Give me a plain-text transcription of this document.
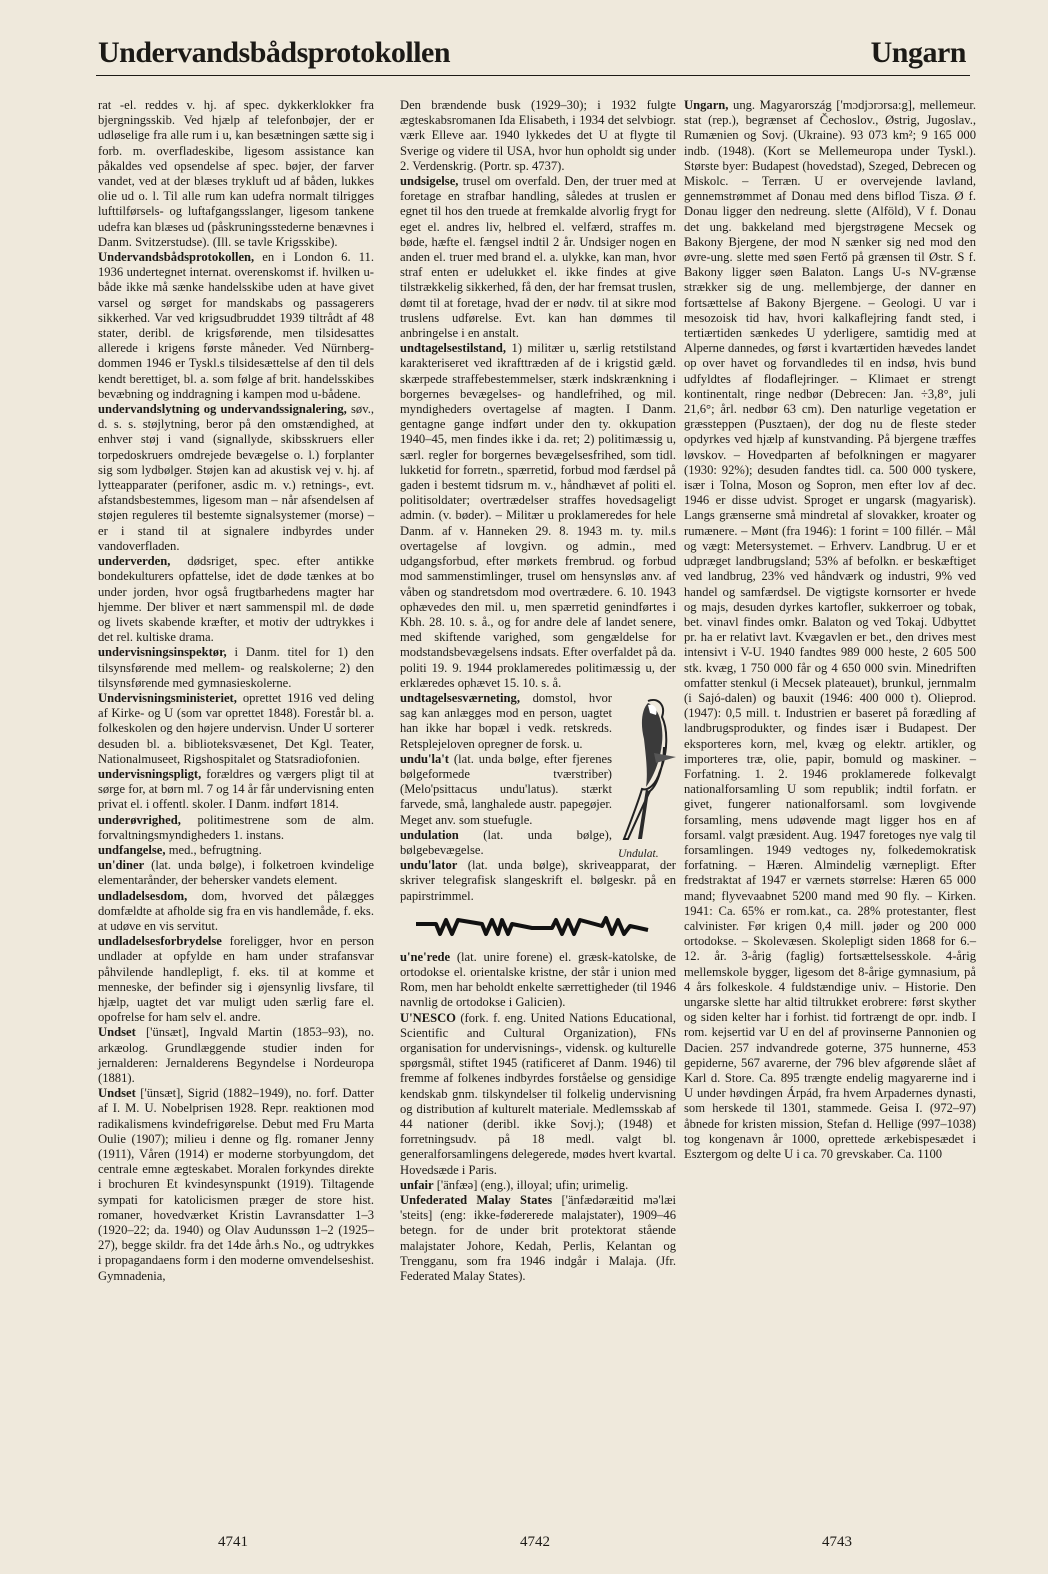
Undervandsbådsprotokollen	Ungarn

rat -el. reddes v. hj. af spec. dykkerklokker fra bjergningsskib. Ved hjælp af telefonbøjer, der er udløselige fra alle rum i u, kan besætningen sætte sig i forb. m. overfladeskibe, ligesom assistance kan påkaldes ved opsendelse af spec. bøjer, der farver vandet, ved at der blæses trykluft ud af båden, lukkes olie ud o. l. Til alle rum kan udefra normalt tilrigges lufttilførsels- og luftafgangsslanger, ligesom tankene udefra kan blæses ud (påskruningsstederne benævnes i Danm. Svitzerstudse). (Ill. se tavle Krigsskibe).

Undervandsbådsprotokollen, en i London 6. 11. 1936 undertegnet internat. overenskomst if. hvilken u-både ikke må sænke handelsskibe uden at have givet varsel og sørget for mandskabs og passagerers sikkerhed. Var ved krigsudbruddet 1939 tiltrådt af 48 stater, deribl. de krigsførende, men tilsidesattes allerede i krigens første måneder. Ved Nürnberg-dommen 1946 er Tyskl.s tilsidesættelse af den til dels kendt berettiget, bl. a. som følge af brit. handelsskibes bevæbning og inddragning i kampen mod u-bådene.

undervandslytning og undervandssignalering, søv., d. s. s. støjlytning, beror på den omstændighed, at enhver støj i vand (signallyde, skibsskruers eller torpedoskruers omdrejede bevægelse o. l.) forplanter sig som lydbølger. Støjen kan ad akustisk vej v. hj. af lytteapparater (perifoner, asdic m. v.) retnings-, evt. afstandsbestemmes, ligesom man – når afsendelsen af støjen reguleres til bestemte signalsystemer (morse) – er i stand til at signalere indbyrdes under vandoverfladen.

underverden, dødsriget, spec. efter antikke bondekulturers opfattelse, idet de døde tænkes at bo under jorden, hvor også frugtbarhedens magter har hjemme. Der bliver et nært sammenspil ml. de døde og livets skabende kræfter, et motiv der udtrykkes i det rel. kultiske drama.

undervisningsinspektør, i Danm. titel for 1) den tilsynsførende med mellem- og realskolerne; 2) den tilsynsførende med gymnasieskolerne.

Undervisningsministeriet, oprettet 1916 ved deling af Kirke- og U (som var oprettet 1848). Forestår bl. a. folkeskolen og den højere undervisn. Under U sorterer desuden bl. a. biblioteksvæsenet, Det Kgl. Teater, Nationalmuseet, Rigshospitalet og Statsradiofonien.

undervisningspligt, forældres og værgers pligt til at sørge for, at børn ml. 7 og 14 år får undervisning enten privat el. i offentl. skoler. I Danm. indført 1814.

underøvrighed, politimestrene som de alm. forvaltningsmyndigheders 1. instans.

undfangelse, med., befrugtning.

un'diner (lat. unda bølge), i folketroen kvindelige elementarånder, der behersker vandets element.

undladelsesdom, dom, hvorved det pålægges domfældte at afholde sig fra en vis handlemåde, f. eks. at udøve en vis servitut.

undladelsesforbrydelse foreligger, hvor en person undlader at opfylde en ham under strafansvar påhvilende handlepligt, f. eks. til at komme et menneske, der befinder sig i øjensynlig livsfare, til hjælp, uagtet det var muligt uden særlig fare el. opofrelse for ham selv el. andre.

Undset ['ünsæt], Ingvald Martin (1853–93), no. arkæolog. Grundlæggende studier inden for jernalderen: Jernalderens Begyndelse i Nordeuropa (1881).

Undset ['ünsæt], Sigrid (1882–1949), no. forf. Datter af I. M. U. Nobelprisen 1928. Repr. reaktionen mod radikalismens kvindefrigørelse. Debut med Fru Marta Oulie (1907); milieu i denne og flg. romaner Jenny (1911), Våren (1914) er moderne storbyungdom, det centrale emne ægteskabet. Moralen forkyndes direkte i brochuren Et kvindesynspunkt (1919). Tiltagende sympati for katolicismen præger de store hist. romaner, hovedværket Kristin Lavransdatter 1–3 (1920–22; da. 1940) og Olav Audunssøn 1–2 (1925–27), begge skildr. fra det 14de årh.s No., og udtrykkes i propagandaens form i den moderne omvendelseshist. Gymnadenia,

Den brændende busk (1929–30); i 1932 fulgte ægteskabsromanen Ida Elisabeth, i 1934 det selvbiogr. værk Elleve aar. 1940 lykkedes det U at flygte til Sverige og videre til USA, hvor hun opholdt sig under 2. Verdenskrig. (Portr. sp. 4737).

undsigelse, trusel om overfald. Den, der truer med at foretage en strafbar handling, således at truslen er egnet til hos den truede at fremkalde alvorlig frygt for eget el. andres liv, helbred el. velfærd, straffes m. bøde, hæfte el. fængsel indtil 2 år. Undsiger nogen en anden el. truer med brand el. a. ulykke, kan man, hvor straf enten er udelukket el. ikke findes at give tilstrækkelig sikkerhed, få den, der har fremsat truslen, dømt til at foretage, hvad der er nødv. til at sikre mod truslens udførelse. Evt. kan han dømmes til anbringelse i en anstalt.

undtagelsestilstand, 1) militær u, særlig retstilstand karakteriseret ved ikrafttræden af de i krigstid gæld. skærpede straffebestemmelser, stærk indskrænkning i borgernes bevægelses- og handlefrihed, og mil. myndigheders overtagelse af magten. I Danm. gentagne gange indført under den ty. okkupation 1940–45, men findes ikke i da. ret; 2) politimæssig u, særl. regler for borgernes bevægelsesfrihed, som tidl. lukketid for forretn., spærretid, forbud mod færdsel på gaden i bestemt tidsrum m. v., håndhævet af politi el. politisoldater; overtrædelser straffes hovedsageligt admin. (v. bøder). – Militær u proklameredes for hele Danm. af v. Hanneken 29. 8. 1943 m. ty. mil.s overtagelse af lovgivn. og admin., med udgangsforbud, efter mørkets frembrud. og forbud mod sammenstimlinger, trusel om hensynsløs anv. af våben og standretsdom mod overtrædere. 6. 10. 1943 ophævedes den mil. u, men spærretid genindførtes i Kbh. 28. 10. s. å., og for andre dele af landet senere, med skiftende varighed, som gengældelse for modstandsbevægelsens indsats. Efter overfaldet på da. politi 19. 9. 1944 proklameredes politimæssig u, der erklæredes ophævet 15. 10. s. å.

Undulat.

undtagelsesværneting, domstol, hvor sag kan anlægges mod en person, uagtet han ikke har bopæl i vedk. retskreds. Retsplejeloven opregner de forsk. u.

undu'la't (lat. unda bølge, efter fjerenes bølgeformede tværstriber) (Melo'psittacus undu'latus). stærkt farvede, små, langhalede austr. papegøjer. Meget anv. som stuefugle.

undulation (lat. unda bølge), bølgebevægelse.

undu'lator (lat. unda bølge), skriveapparat, der skriver telegrafisk slangeskrift el. bølgeskr. på en papirstrimmel.

u'ne'rede (lat. unire forene) el. græsk-katolske, de ortodokse el. orientalske kristne, der står i union med Rom, men har beholdt enkelte særrettigheder (til 1946 navnlig de ortodokse i Galicien).

U'NESCO (fork. f. eng. United Nations Educational, Scientific and Cultural Organization), FNs organisation for undervisnings-, vidensk. og kulturelle spørgsmål, stiftet 1945 (ratificeret af Danm. 1946) til fremme af folkenes indbyrdes forståelse og gensidige kendskab gnm. tilskyndelser til folkelig undervisning og distribution af kulturelt materiale. Medlemsskab af 44 nationer (deribl. ikke Sovj.); (1948) et forretningsudv. på 18 medl. valgt bl. generalforsamlingens delegerede, mødes hvert kvartal. Hovedsæde i Paris.

unfair ['änfæə] (eng.), illoyal; ufin; urimelig.

Unfederated Malay States ['änfædəræitid mə'læi 'steits] (eng: ikke-fødererede malajstater), 1909–46 betegn. for de under brit protektorat stående malajstater Johore, Kedah, Perlis, Kelantan og Trengganu, som fra 1946 indgår i Malaja. (Jfr. Federated Malay States).

Ungarn, ung. Magyarország ['mɔdjɔrɔrsa:g], mellemeur. stat (rep.), begrænset af Čechoslov., Østrig, Jugoslav., Rumænien og Sovj. (Ukraine). 93 073 km²; 9 165 000 indb. (1948). (Kort se Mellemeuropa under Tyskl.). Største byer: Budapest (hovedstad), Szeged, Debrecen og Miskolc. – Terræn. U er overvejende lavland, gennemstrømmet af Donau med dens biflod Tisza. Ø f. Donau ligger den nedreung. slette (Alföld), V f. Donau det ung. bakkeland med bjergstrøgene Mecsek og Bakony Bjergene, der mod N sænker sig ned mod den øvre-ung. slette med søen Fertő på grænsen til Østr. S f. Bakony ligger søen Balaton. Langs U-s NV-grænse strækker sig de ung. mellembjerge, der danner en fortsættelse af Bakony Bjergene. – Geologi. U var i mesozoisk tid hav, hvori kalkaflejring fandt sted, i tertiærtiden sænkedes U yderligere, samtidig med at Alperne dannedes, og først i kvartærtiden hævedes landet op over havet og forvandledes til en indsø, hvis bund udfyldtes af flodaflejringer. – Klimaet er strengt kontinentalt, ringe nedbør (Debrecen: Jan. ÷3,8°, juli 21,6°; årl. nedbør 63 cm). Den naturlige vegetation er græssteppen (Pusztaen), der dog nu de fleste steder opdyrkes ved hjælp af kunstvanding. På bjergene træffes løvskov. – Hovedparten af befolkningen er magyarer (1930: 92%); desuden fandtes tidl. ca. 500 000 tyskere, især i Tolna, Moson og Sopron, men efter lov af dec. 1946 er disse udvist. Sproget er ungarsk (magyarisk). Langs grænserne små mindretal af slovakker, kroater og rumænere. – Mønt (fra 1946): 1 forint = 100 fillér. – Mål og vægt: Metersystemet. – Erhverv. Landbrug. U er et udpræget landbrugsland; 53% af befolkn. er beskæftiget ved landbrug, 23% ved håndværk og industri, 9% ved handel og samfærdsel. De vigtigste kornsorter er hvede og majs, desuden dyrkes kartofler, sukkerroer og tobak, bet. vinavl findes omkr. Balaton og ved Tokaj. Udbyttet pr. ha er relativt lavt. Kvægavlen er bet., den drives mest intensivt i V-U. 1940 fandtes 989 000 heste, 2 605 500 stk. kvæg, 1 750 000 får og 4 650 000 svin. Minedriften omfatter stenkul (i Mecsek plateauet), brunkul, jernmalm (i Sajó-dalen) og bauxit (1946: 400 000 t). Olieprod. (1947): 0,5 mill. t. Industrien er baseret på forædling af landbrugsprodukter, og findes især i Budapest. Der eksporteres korn, mel, kvæg og elektr. artikler, og importeres træ, olie, papir, bomuld og maskiner. – Forfatning. 1. 2. 1946 proklamerede folkevalgt nationalforsamling U som republik; indtil forfatn. er givet, fungerer nationalforsaml. som lovgivende forsamling, mens udøvende magt ligger hos en af forsaml. valgt præsident. Aug. 1947 foretoges nye valg til forsamlingen. 1949 vedtoges ny, folkedemokratisk forfatning. – Hæren. Almindelig værnepligt. Efter fredstraktat af 1947 er værnets størrelse: Hæren 65 000 mand; flyvevaabnet 5200 mand med 90 fly. – Kirken. 1941: Ca. 65% er rom.kat., ca. 28% protestanter, flest calvinister. Før krigen 0,4 mill. jøder og 200 000 ortodokse. – Skolevæsen. Skolepligt siden 1868 for 6.–12. år. 3-årig (faglig) fortsættelsesskole. 4-årig mellemskole bygger, ligesom det 8-årige gymnasium, på 4 års folkeskole. 4 fuldstændige univ. – Historie. Den ungarske slette har altid tiltrukket erobrere: først skyther og siden kelter har i forhist. tid fortrængt de opr. indb. I rom. kejsertid var U en del af provinserne Pannonien og Dacien. 257 indvandrede goterne, 375 hunnerne, 453 gepiderne, 567 avarerne, der 796 blev afgørende slået af Karl d. Store. Ca. 895 trængte endelig magyarerne ind i U under høvdingen Árpád, fra hvem Arpadernes dynasti, som herskede til 1301, stammede. Geisa I. (972–97) åbnede for kristen mission, Stefan d. Hellige (997–1038) tog kongenavn år 1000, oprettede ærkebispesædet i Esztergom og delte U i ca. 70 grevskaber. Ca. 1100

4741	4742	4743
